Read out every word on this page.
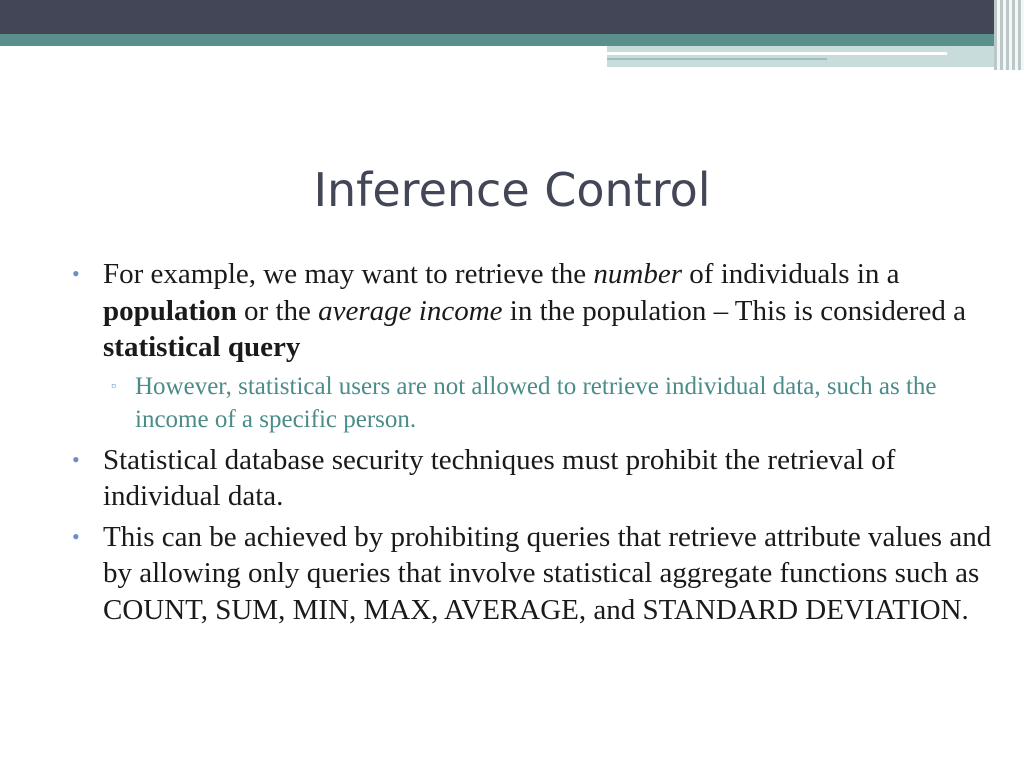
Inference Control

• For example, we may want to retrieve the number of individuals in a population or the average income in the population – This is considered a statistical query

▫ However, statistical users are not allowed to retrieve individual data, such as the income of a specific person.

• Statistical database security techniques must prohibit the retrieval of individual data.

• This can be achieved by prohibiting queries that retrieve attribute values and by allowing only queries that involve statistical aggregate functions such as COUNT, SUM, MIN, MAX, AVERAGE, and STANDARD DEVIATION.
